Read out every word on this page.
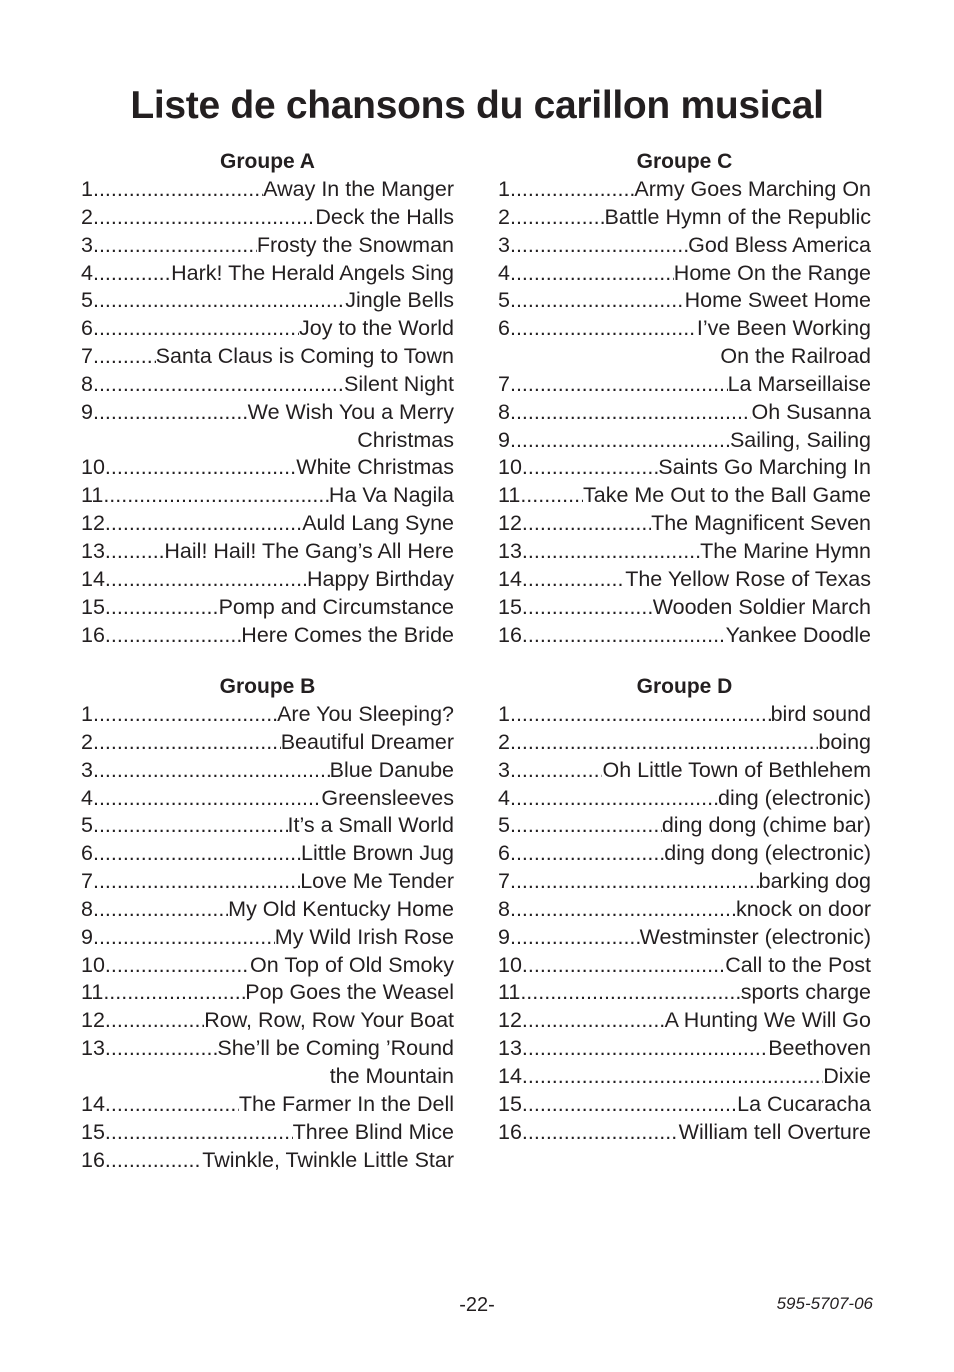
Liste de chansons du carillon musical
Groupe A
1 .....	Away In the Manger
2 .....	Deck the Halls
3 .....	Frosty the Snowman
4 .....	Hark! The Herald Angels Sing
5 .....	Jingle Bells
6 .....	Joy to the World
7 .....	Santa Claus is Coming to Town
8 .....	Silent Night
9 .....	We Wish You a Merry
Christmas
10 .....	White Christmas
11 .....	Ha Va Nagila
12 .....	Auld Lang Syne
13 .....	Hail! Hail! The Gang’s All Here
14 .....	Happy Birthday
15 .....	Pomp and Circumstance
16 .....	Here Comes the Bride
Groupe B
1 .....	Are You Sleeping?
2 .....	Beautiful Dreamer
3 .....	Blue Danube
4 .....	Greensleeves
5 .....	It’s a Small World
6 .....	Little Brown Jug
7 .....	Love Me Tender
8 .....	My Old Kentucky Home
9 .....	My Wild Irish Rose
10 .....	On Top of Old Smoky
11 .....	Pop Goes the Weasel
12 .....	Row, Row, Row Your Boat
13 .....	She’ll be Coming ’Round
the Mountain
14 .....	The Farmer In the Dell
15 .....	Three Blind Mice
16 .....	Twinkle, Twinkle Little Star
Groupe C
1 .....	Army Goes Marching On
2 .....	Battle Hymn of the Republic
3 .....	God Bless America
4 .....	Home On the Range
5 .....	Home Sweet Home
6 .....	I’ve Been Working
On the Railroad
7 .....	La Marseillaise
8 .....	Oh Susanna
9 .....	Sailing, Sailing
10 .....	Saints Go Marching In
11 .....	Take Me Out to the Ball Game
12 .....	The Magnificent Seven
13 .....	The Marine Hymn
14 .....	The Yellow Rose of Texas
15 .....	Wooden Soldier March
16 .....	Yankee Doodle
Groupe D
1 .....	bird sound
2 .....	boing
3 .....	Oh Little Town of Bethlehem
4 .....	ding (electronic)
5 .....	ding dong (chime bar)
6 .....	ding dong (electronic)
7 .....	barking dog
8 .....	knock on door
9 .....	Westminster (electronic)
10 .....	Call to the Post
11 .....	sports charge
12 .....	A Hunting We Will Go
13 .....	Beethoven
14 .....	Dixie
15 .....	La Cucaracha
16 .....	William tell Overture
-22-	595-5707-06
